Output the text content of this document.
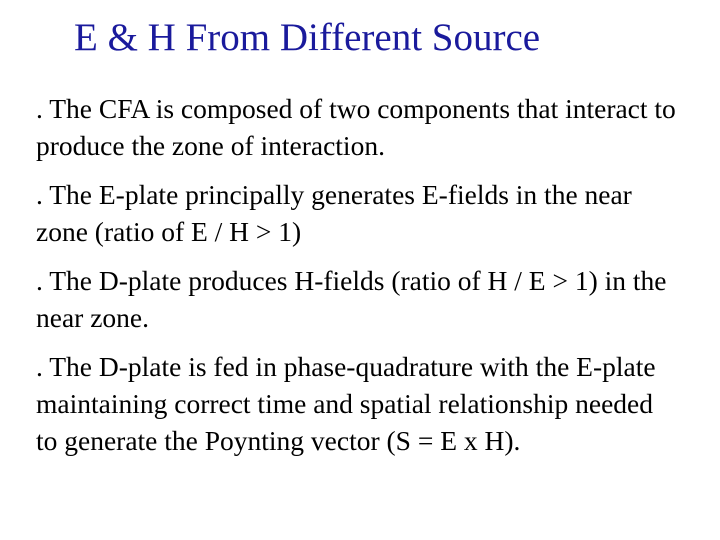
E & H From Different Source
. The CFA is composed of two components that interact to produce the zone of interaction.
. The E-plate principally generates E-fields in the near zone (ratio of E / H > 1)
. The D-plate produces H-fields (ratio of H / E > 1) in the near zone.
. The D-plate is fed in phase-quadrature with the E-plate maintaining correct time and spatial relationship needed to generate the Poynting vector (S = E x H).
